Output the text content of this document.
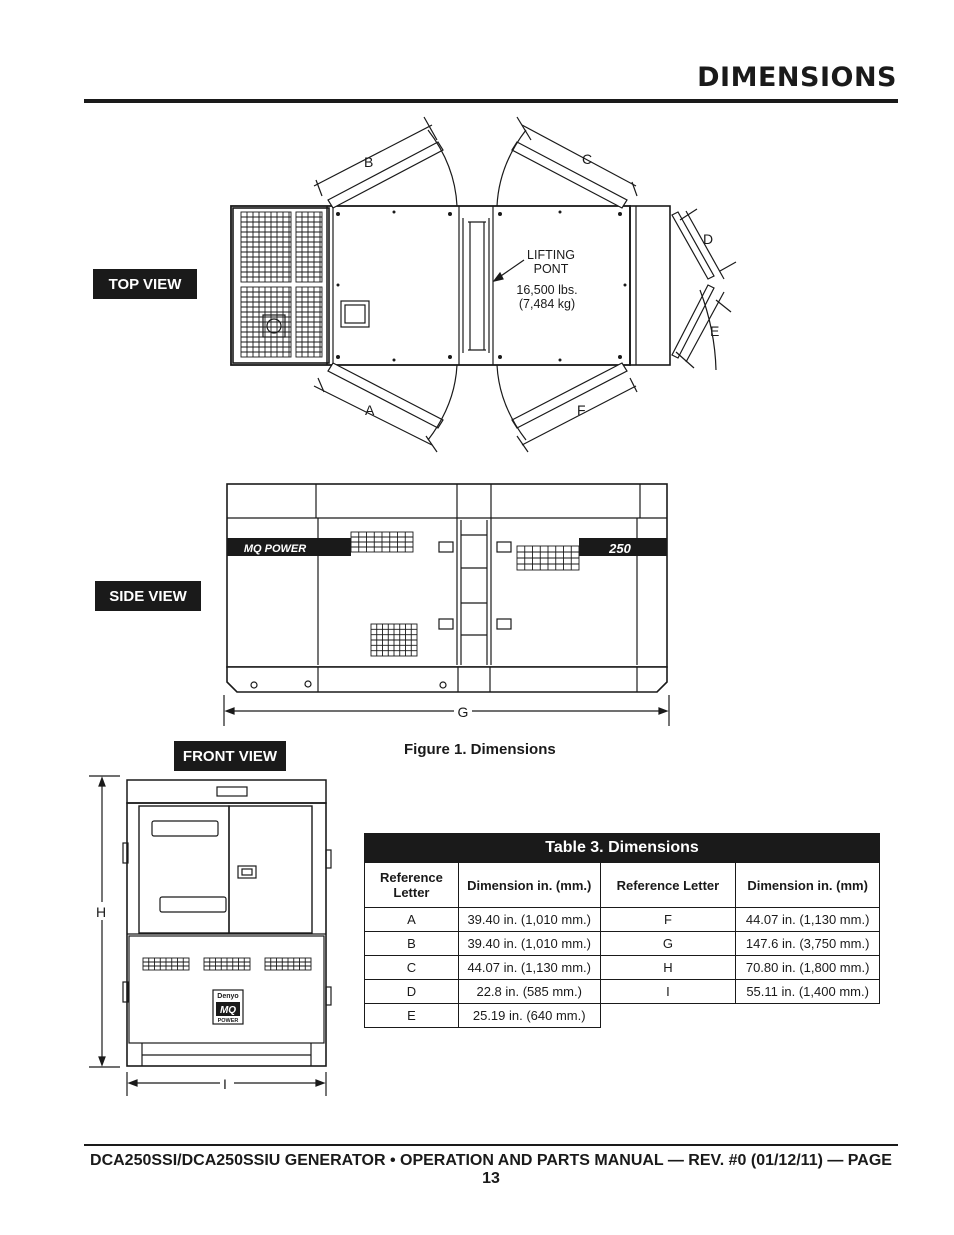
DIMENSIONS
TOP VIEW
SIDE VIEW
FRONT VIEW
B	C
D
E
A	F
LIFTING
PONT
16,500 lbs.
(7,484 kg)
MQ POWER	250
G
Figure 1. Dimensions
Denyo
MQ
POWER
H
I
Table 3. Dimensions			
Reference Letter	Dimension in. (mm.)	Reference Letter	Dimension in. (mm)
A	39.40 in. (1,010 mm.)	F	44.07 in. (1,130 mm.)
B	39.40 in. (1,010 mm.)	G	147.6 in. (3,750 mm.)
C	44.07 in. (1,130 mm.)	H	70.80 in. (1,800 mm.)
D	22.8 in. (585 mm.)	I	55.11 in. (1,400 mm.)
E	25.19 in. (640 mm.)		
DCA250SSI/DCA250SSIU GENERATOR • OPERATION AND PARTS MANUAL — REV. #0 (01/12/11) — PAGE 13
